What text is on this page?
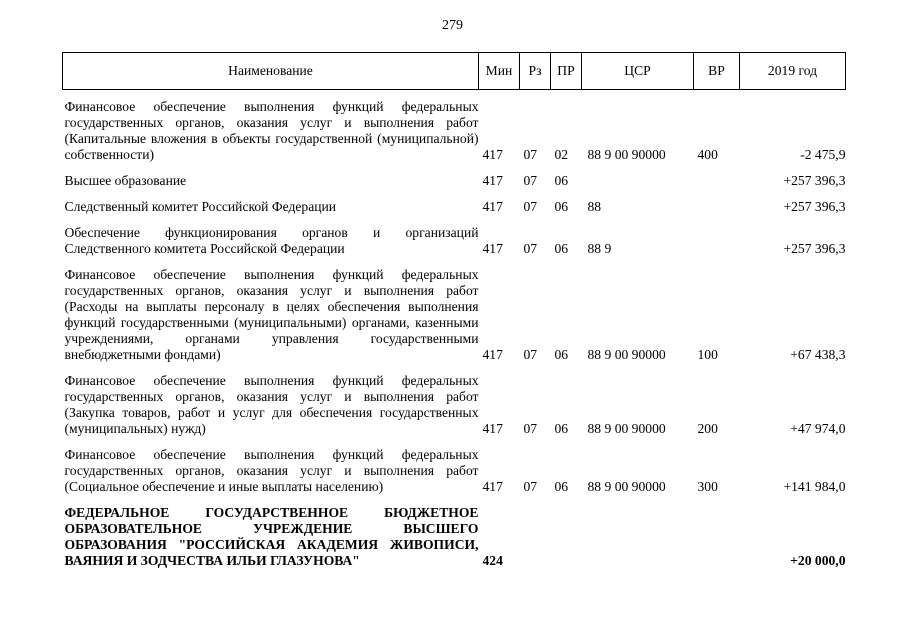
279
Наименование	Мин	Рз	ПР	ЦСР	ВР	2019 год
Финансовое обеспечение выполнения функций федеральных государственных органов, оказания услуг и выполнения работ (Капитальные вложения в объекты государственной (муниципальной) собственности)	417	07	02	88 9 00 90000	400	-2 475,9
Высшее образование	417	07	06			+257 396,3
Следственный комитет Российской Федерации	417	07	06	88		+257 396,3
Обеспечение функционирования органов и организаций Следственного комитета Российской Федерации	417	07	06	88 9		+257 396,3
Финансовое обеспечение выполнения функций федеральных государственных органов, оказания услуг и выполнения работ (Расходы на выплаты персоналу в целях обеспечения выполнения функций государственными (муниципальными) органами, казенными учреждениями, органами управления государственными внебюджетными фондами)	417	07	06	88 9 00 90000	100	+67 438,3
Финансовое обеспечение выполнения функций федеральных государственных органов, оказания услуг и выполнения работ (Закупка товаров, работ и услуг для обеспечения государственных (муниципальных) нужд)	417	07	06	88 9 00 90000	200	+47 974,0
Финансовое обеспечение выполнения функций федеральных государственных органов, оказания услуг и выполнения работ (Социальное обеспечение и иные выплаты населению)	417	07	06	88 9 00 90000	300	+141 984,0
ФЕДЕРАЛЬНОЕ ГОСУДАРСТВЕННОЕ БЮДЖЕТНОЕ ОБРАЗОВАТЕЛЬНОЕ УЧРЕЖДЕНИЕ ВЫСШЕГО ОБРАЗОВАНИЯ "РОССИЙСКАЯ АКАДЕМИЯ ЖИВОПИСИ, ВАЯНИЯ И ЗОДЧЕСТВА ИЛЬИ ГЛАЗУНОВА"	424					+20 000,0
